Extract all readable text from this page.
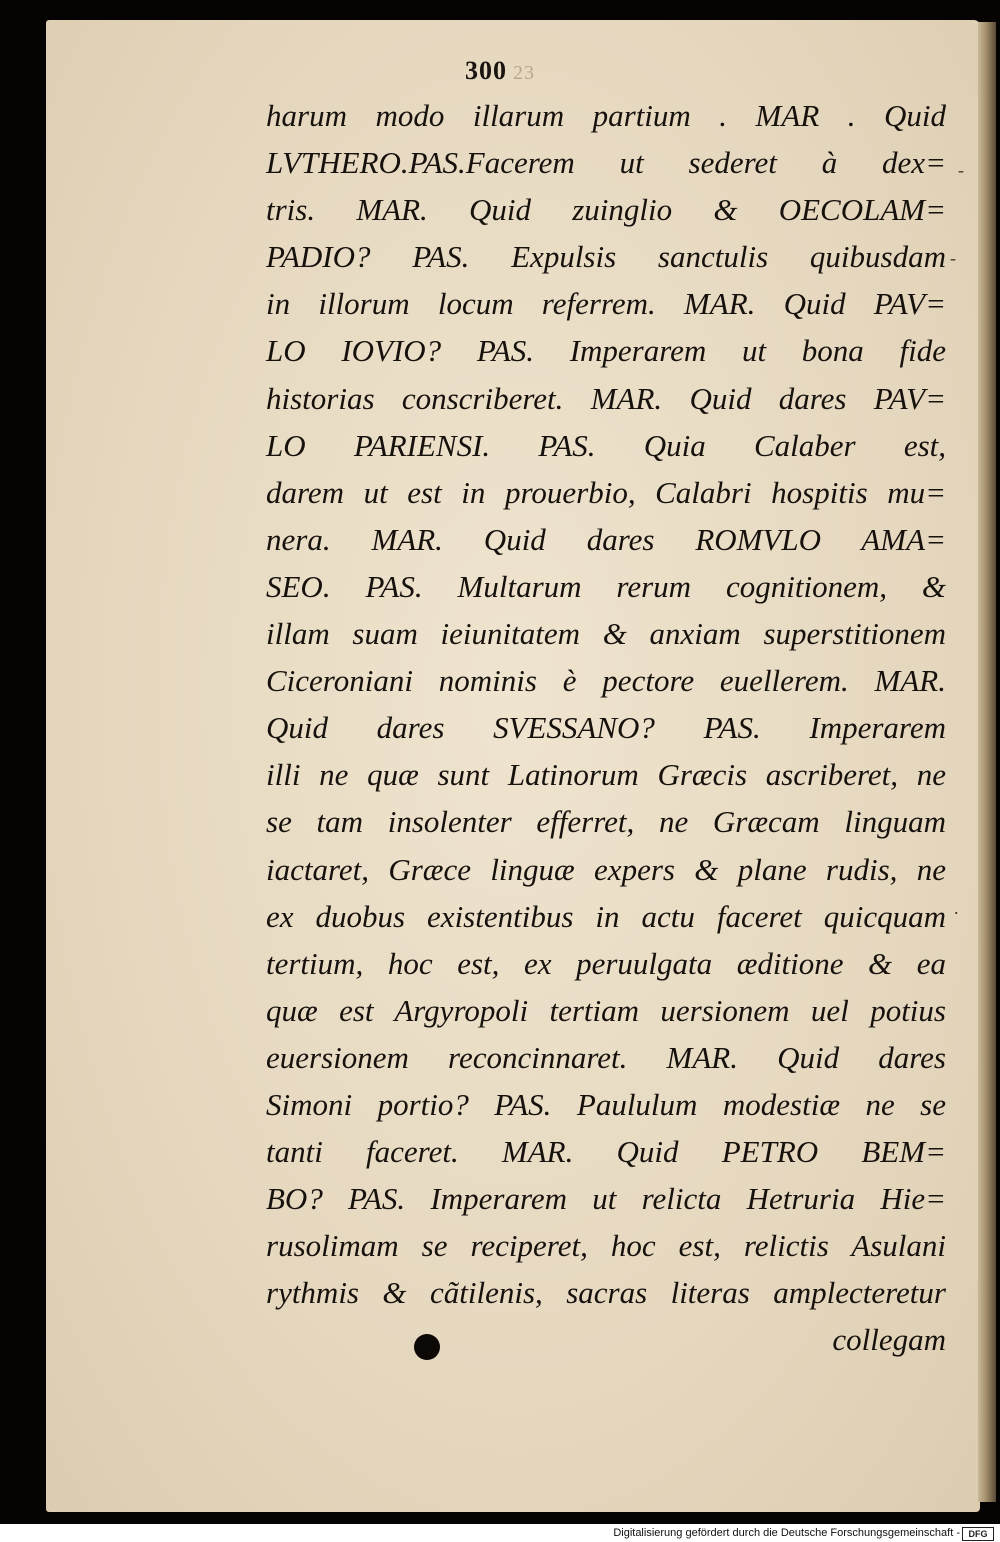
300 23
harum modo illarum partium . MAR . Quid
LVTHERO.PAS.Facerem ut sederet à dex=
tris. MAR. Quid zuinglio & OECOLAM=
PADIO? PAS. Expulsis sanctulis quibusdam
in illorum locum referrem. MAR. Quid PAV=
LO IOVIO? PAS. Imperarem ut bona fide
historias conscriberet. MAR. Quid dares PAV=
LO PARIENSI. PAS. Quia Calaber est,
darem ut est in prouerbio, Calabri hospitis mu=
nera. MAR. Quid dares ROMVLO AMA=
SEO. PAS. Multarum rerum cognitionem, &
illam suam ieiunitatem & anxiam superstitionem
Ciceroniani nominis è pectore euellerem. MAR.
Quid dares SVESSANO? PAS. Imperarem
illi ne quæ sunt Latinorum Græcis ascriberet, ne
se tam insolenter efferret, ne Græcam linguam
iactaret, Græce linguæ expers & plane rudis, ne
ex duobus existentibus in actu faceret quicquam
tertium, hoc est, ex peruulgata æditione & ea
quæ est Argyropoli tertiam uersionem uel potius
euersionem reconcinnaret. MAR. Quid dares
Simoni portio? PAS. Paululum modestiæ ne se
tanti faceret. MAR. Quid PETRO BEM=
BO? PAS. Imperarem ut relicta Hetruria Hie=
rusolimam se reciperet, hoc est, relictis Asulani
rythmis & cãtilenis, sacras literas amplecteretur
collegam
-
-
.
Digitalisierung gefördert durch die Deutsche Forschungsgemeinschaft - DFG
